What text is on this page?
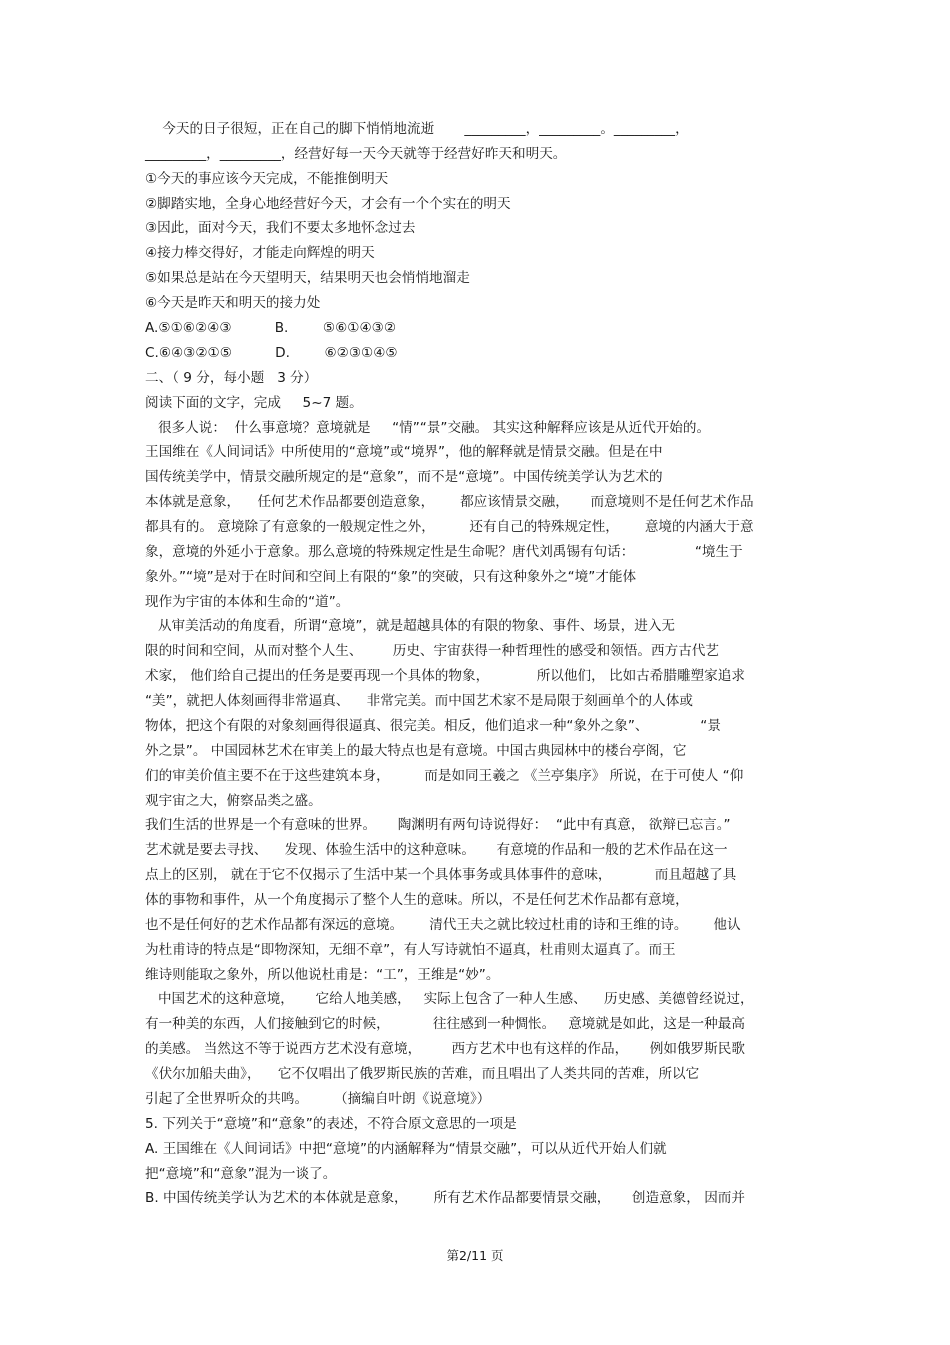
第2/11 页
今天的日子很短，正在自己的脚下悄悄地流逝       _________，_________。_________，
_________，_________，经营好每一天今天就等于经营好昨天和明天。
①今天的事应该今天完成，不能推倒明天
②脚踏实地，全身心地经营好今天，才会有一个个实在的明天
③因此，面对今天，我们不要太多地怀念过去
④接力棒交得好，才能走向辉煌的明天
⑤如果总是站在今天望明天，结果明天也会悄悄地溜走
⑥今天是昨天和明天的接力处
A.⑤①⑥②④③          B.        ⑤⑥①④③②
C.⑥④③②①⑤          D.        ⑥②③①④⑤
二、（ 9 分，每小题   3 分）
阅读下面的文字，完成     5~7 题。
很多人说：  什么事意境？意境就是     “情”“景”交融。 其实这种解释应该是从近代开始的。
王国维在《人间词话》中所使用的“意境”或“境界”，他的解释就是情景交融。但是在中
国传统美学中，情景交融所规定的是“意象”，而不是“意境”。中国传统美学认为艺术的
本体就是意象，    任何艺术作品都要创造意象，      都应该情景交融，     而意境则不是任何艺术作品
都具有的。 意境除了有意象的一般规定性之外，        还有自己的特殊规定性，      意境的内涵大于意
象，意境的外延小于意象。那么意境的特殊规定性是生命呢？唐代刘禹锡有句话：              “境生于
象外。”“境”是对于在时间和空间上有限的“象”的突破，只有这种象外之“境”才能体
现作为宇宙的本体和生命的“道”。
从审美活动的角度看，所谓“意境”，就是超越具体的有限的物象、事件、场景，进入无
限的时间和空间，从而对整个人生、       历史、宇宙获得一种哲理性的感受和领悟。西方古代艺
术家， 他们给自己提出的任务是要再现一个具体的物象，           所以他们， 比如古希腊雕塑家追求
“美”，就把人体刻画得非常逼真、    非常完美。而中国艺术家不是局限于刻画单个的人体或
物体，把这个有限的对象刻画得很逼真、很完美。相反，他们追求一种“象外之象”、            “景
外之景”。 中国园林艺术在审美上的最大特点也是有意境。中国古典园林中的楼台亭阁，它
们的审美价值主要不在于这些建筑本身，        而是如同王羲之 《兰亭集序》 所说，在于可使人 “仰
观宇宙之大，俯察品类之盛。
我们生活的世界是一个有意味的世界。     陶渊明有两句诗说得好：  “此中有真意， 欲辩已忘言。”
艺术就是要去寻找、    发现、体验生活中的这种意味。     有意境的作品和一般的艺术作品在这一
点上的区别， 就在于它不仅揭示了生活中某一个具体事务或具体事件的意味，          而且超越了具
体的事物和事件，从一个角度揭示了整个人生的意味。所以，不是任何艺术作品都有意境，
也不是任何好的艺术作品都有深远的意境。      清代王夫之就比较过杜甫的诗和王维的诗。      他认
为杜甫诗的特点是“即物深知，无细不章”，有人写诗就怕不逼真，杜甫则太逼真了。而王
维诗则能取之象外，所以他说杜甫是：“工”，王维是“妙”。
中国艺术的这种意境，     它给人地美感，   实际上包含了一种人生感、    历史感、美德曾经说过，
有一种美的东西，人们接触到它的时候，          往往感到一种惆怅。   意境就是如此，这是一种最高
的美感。 当然这不等于说西方艺术没有意境，       西方艺术中也有这样的作品，     例如俄罗斯民歌
《伏尔加船夫曲》，    它不仅唱出了俄罗斯民族的苦难，而且唱出了人类共同的苦难，所以它
引起了全世界听众的共鸣。      （摘编自叶朗《说意境》）
5. 下列关于“意境”和“意象”的表述，不符合原文意思的一项是
A. 王国维在《人间词话》中把“意境”的内涵解释为“情景交融”，可以从近代开始人们就
把“意境”和“意象”混为一谈了。
B. 中国传统美学认为艺术的本体就是意象，      所有艺术作品都要情景交融，     创造意象， 因而并
